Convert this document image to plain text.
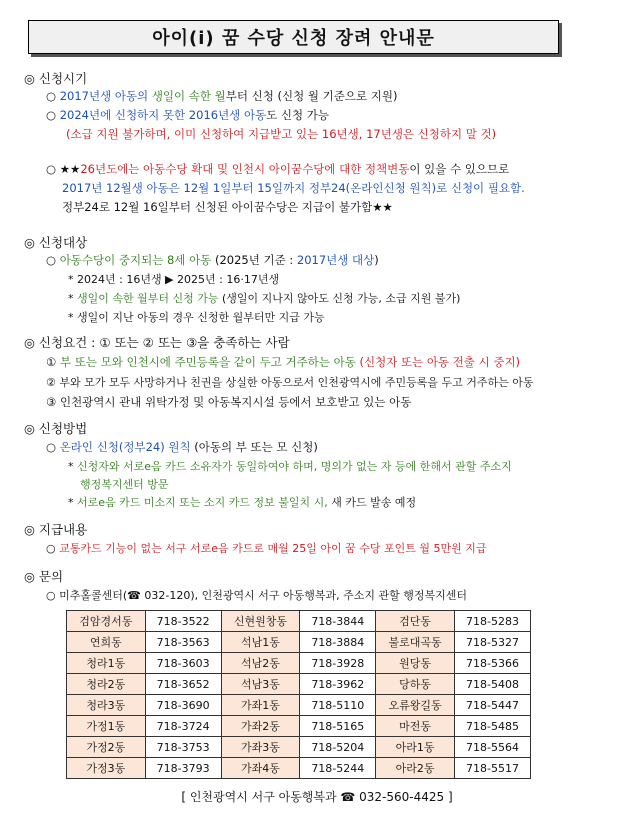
아이(i) 꿈 수당 신청 장려 안내문
◎ 신청시기
○ 2017년생 아동의 생일이 속한 월부터 신청 (신청 월 기준으로 지원)
○ 2024년에 신청하지 못한 2016년생 아동도 신청 가능
(소급 지원 불가하며, 이미 신청하여 지급받고 있는 16년생, 17년생은 신청하지 말 것)
○ ★★26년도에는 아동수당 확대 및 인천시 아이꿈수당에 대한 정책변동이 있을 수 있으므로
2017년 12월생 아동은 12월 1일부터 15일까지 정부24(온라인신청 원칙)로 신청이 필요함.
정부24로 12월 16일부터 신청된 아이꿈수당은 지급이 불가함★★
◎ 신청대상
○ 아동수당이 중지되는 8세 아동 (2025년 기준 : 2017년생 대상)
* 2024년 : 16년생 ▶ 2025년 : 16·17년생
* 생일이 속한 월부터 신청 가능 (생일이 지나지 않아도 신청 가능, 소급 지원 불가)
* 생일이 지난 아동의 경우 신청한 월부터만 지급 가능
◎ 신청요건 : ① 또는 ② 또는 ③을 충족하는 사람
① 부 또는 모와 인천시에 주민등록을 같이 두고 거주하는 아동 (신청자 또는 아동 전출 시 중지)
② 부와 모가 모두 사망하거나 친권을 상실한 아동으로서 인천광역시에 주민등록을 두고 거주하는 아동
③ 인천광역시 관내 위탁가정 및 아동복지시설 등에서 보호받고 있는 아동
◎ 신청방법
○ 온라인 신청(정부24) 원칙 (아동의 부 또는 모 신청)
* 신청자와 서로e음 카드 소유자가 동일하여야 하며, 명의가 없는 자 등에 한해서 관할 주소지
행정복지센터 방문
* 서로e음 카드 미소지 또는 소지 카드 정보 불일치 시, 새 카드 발송 예정
◎ 지급내용
○ 교통카드 기능이 없는 서구 서로e음 카드로 매월 25일 아이 꿈 수당 포인트 월 5만원 지급
◎ 문의
○ 미추홀콜센터(☎ 032-120), 인천광역시 서구 아동행복과, 주소지 관할 행정복지센터
검암경서동	718-3522	신현원창동	718-3844	검단동	718-5283
연희동	718-3563	석남1동	718-3884	불로대곡동	718-5327
청라1동	718-3603	석남2동	718-3928	원당동	718-5366
청라2동	718-3652	석남3동	718-3962	당하동	718-5408
청라3동	718-3690	가좌1동	718-5110	오류왕길동	718-5447
가정1동	718-3724	가좌2동	718-5165	마전동	718-5485
가정2동	718-3753	가좌3동	718-5204	아라1동	718-5564
가정3동	718-3793	가좌4동	718-5244	아라2동	718-5517
[ 인천광역시 서구 아동행복과 ☎ 032-560-4425 ]
